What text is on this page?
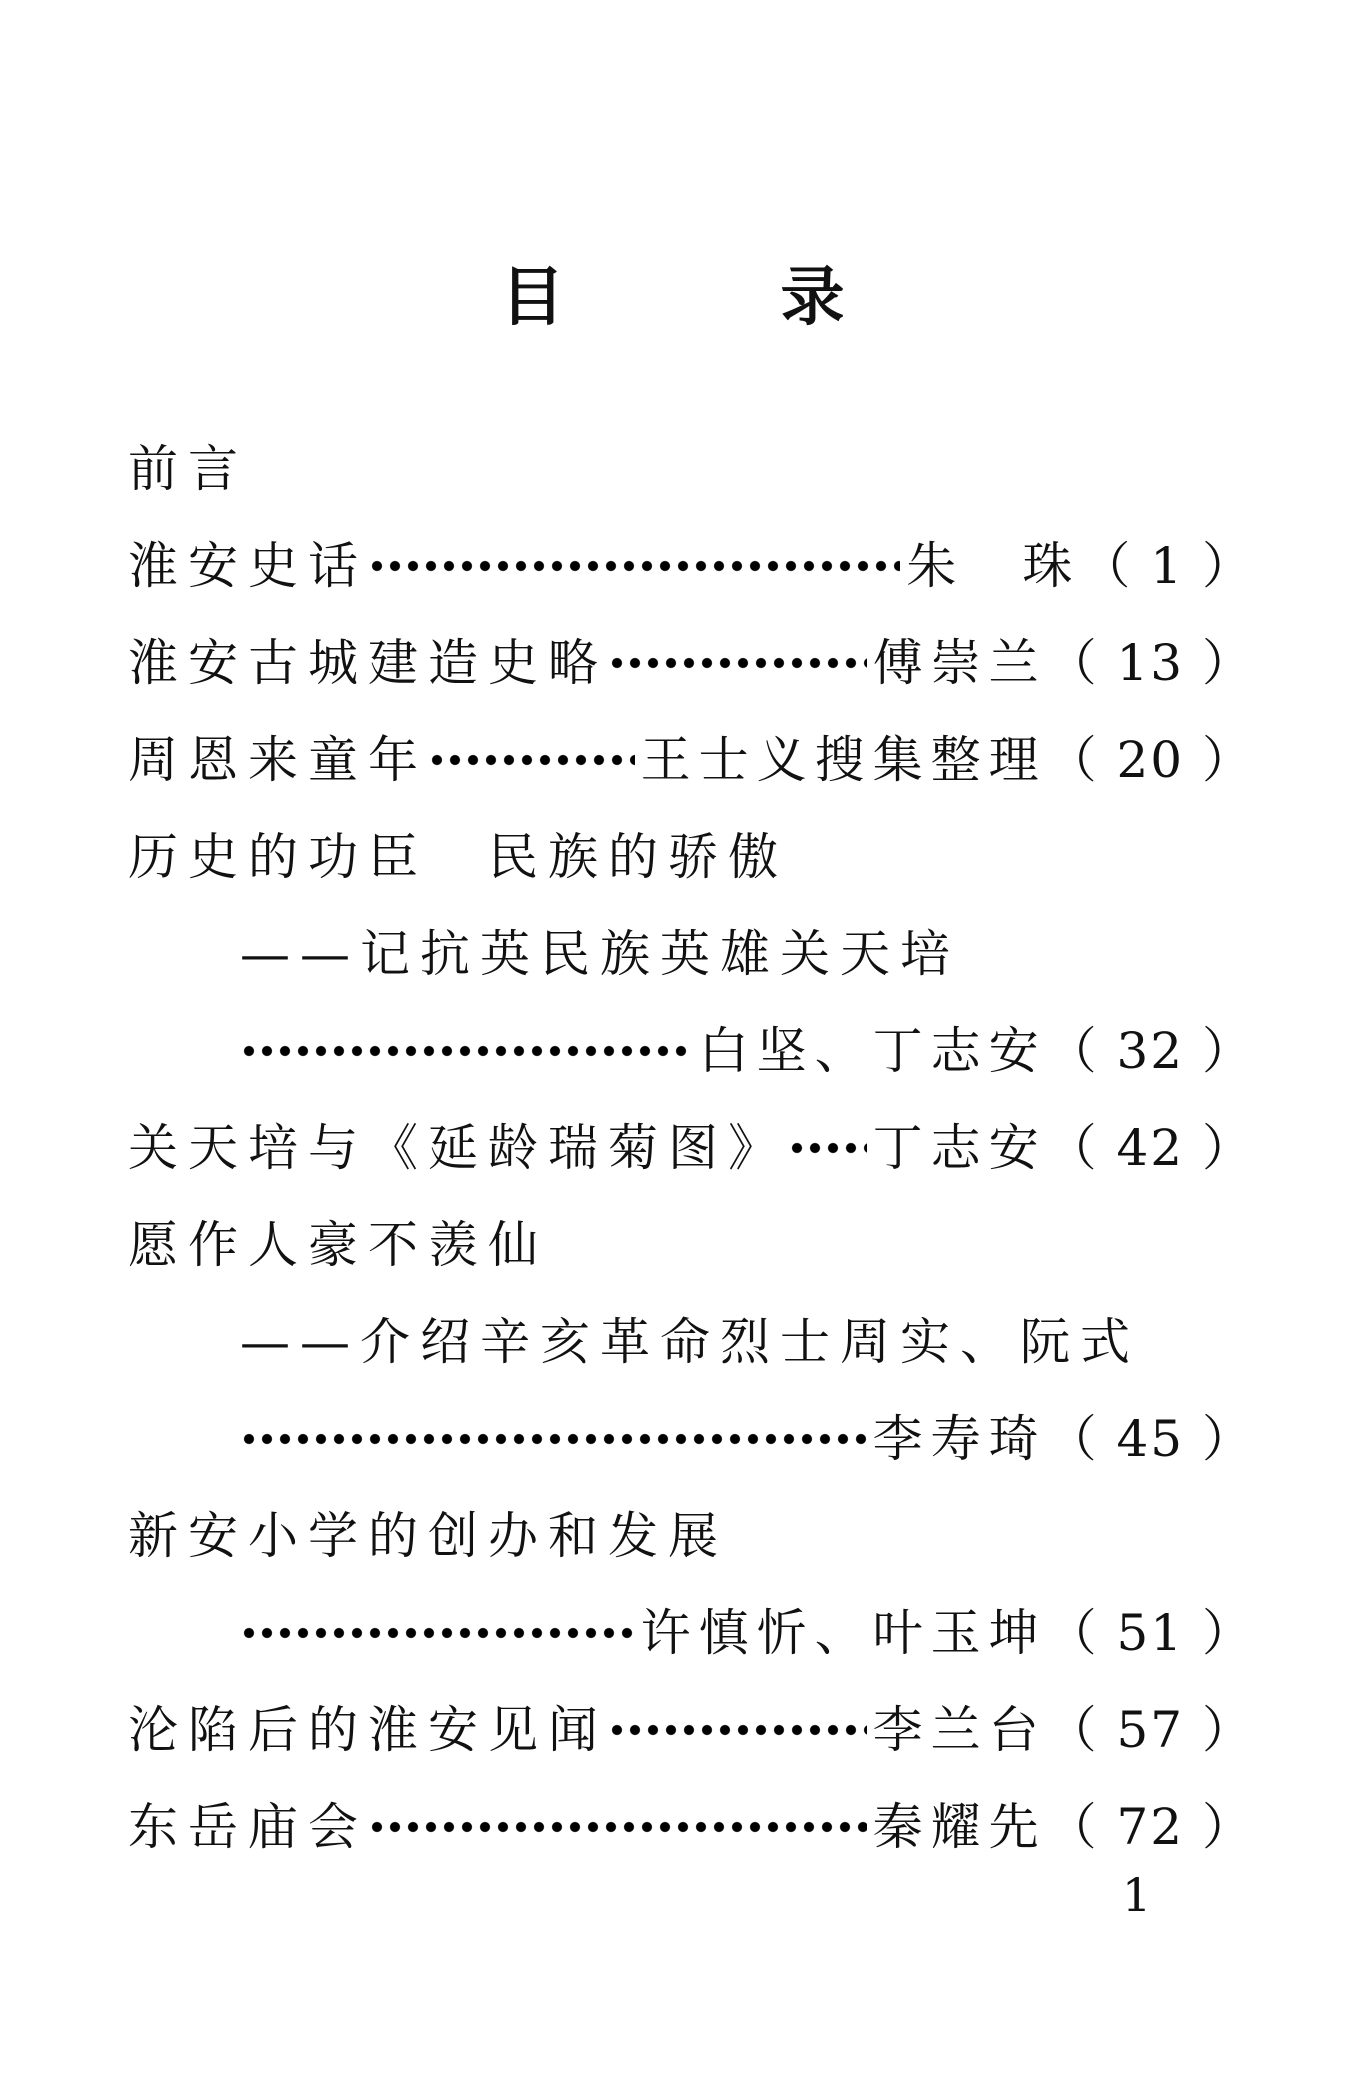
目　　　录
前言
淮安史话	朱　珠 （ 1 ）
淮安古城建造史略	傅崇兰 （ 13 ）
周恩来童年	王士义搜集整理 （ 20 ）
历史的功臣　民族的骄傲
——记抗英民族英雄关天培
白坚、丁志安 （ 32 ）
关天培与《延龄瑞菊图》 丁志安 （ 42 ）
愿作人豪不羡仙
——介绍辛亥革命烈士周实、阮式
李寿琦 （ 45 ）
新安小学的创办和发展
许慎忻、叶玉坤 （ 51 ）
沦陷后的淮安见闻	李兰台 （ 57 ）
东岳庙会	秦耀先 （ 72 ）
1
